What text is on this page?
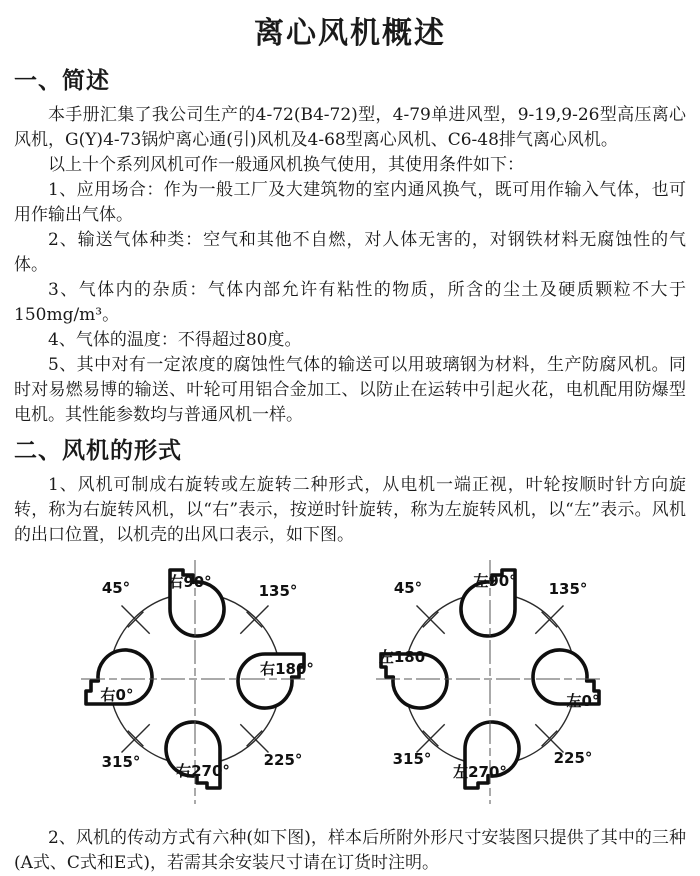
离心风机概述
一、简述

本手册汇集了我公司生产的4-72(B4-72)型，4-79单进风型，9-19,9-26型高压离心风机，G(Y)4-73锅炉离心通(引)风机及4-68型离心风机、C6-48排气离心风机。

以上十个系列风机可作一般通风机换气使用，其使用条件如下：

1、应用场合：作为一般工厂及大建筑物的室内通风换气，既可用作输入气体，也可用作输出气体。

2、输送气体种类：空气和其他不自燃，对人体无害的，对钢铁材料无腐蚀性的气体。

3、气体内的杂质：气体内部允许有粘性的物质，所含的尘土及硬质颗粒不大于150mg/m³。

4、气体的温度：不得超过80度。

5、其中对有一定浓度的腐蚀性气体的输送可以用玻璃钢为材料，生产防腐风机。同时对易燃易博的输送、叶轮可用铝合金加工、以防止在运转中引起火花，电机配用防爆型电机。其性能参数均与普通风机一样。

二、风机的形式

1、风机可制成右旋转或左旋转二种形式，从电机一端正视，叶轮按顺时针方向旋转，称为右旋转风机，以“右”表示，按逆时针旋转，称为左旋转风机，以“左”表示。风机的出口位置，以机壳的出风口表示，如下图。

右0°
右90°
右180°
右270°
45°	135°
225°
315°
左180
左90°
左0°
左270°
45°	135°
225°
315°

2、风机的传动方式有六种(如下图)，样本后所附外形尺寸安装图只提供了其中的三种(A式、C式和E式)，若需其余安装尺寸请在订货时注明。
